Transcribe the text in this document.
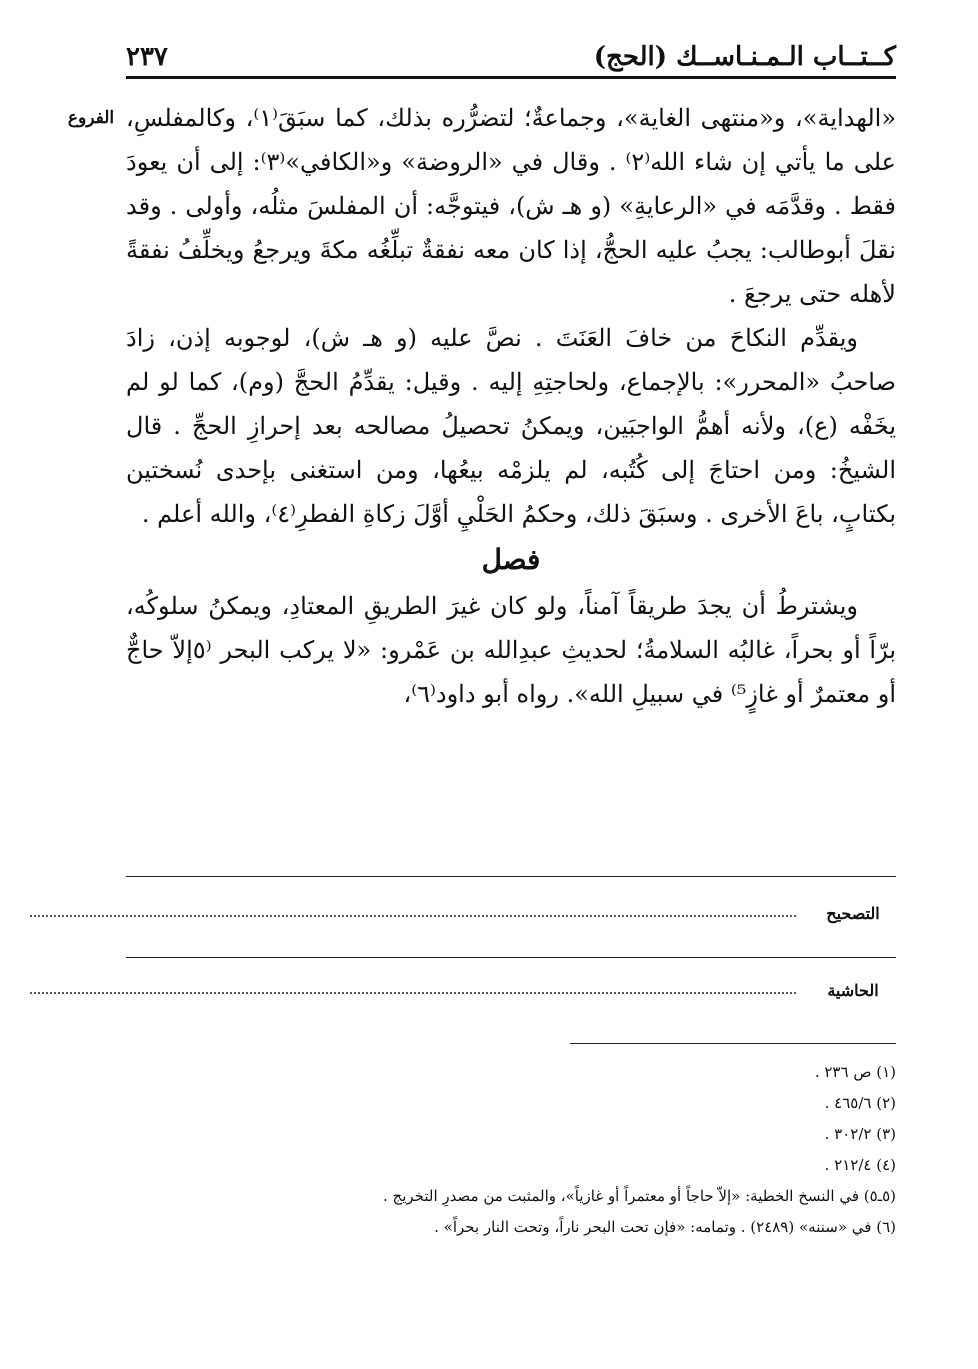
كــتــاب الـمـنـاســك (الحج)
٢٣٧
الفروع «الهداية»، و«منتهى الغاية»، وجماعةٌ؛ لتضرُّره بذلك، كما سبَقَ⁽١⁾، وكالمفلسِ، على ما يأتي إن شاء الله⁽٢⁾ . وقال في «الروضة» و«الكافي»⁽٣⁾: إلى أن يعودَ فقط . وقدَّمَه في «الرعايةِ» (و هـ ش)، فيتوجَّه: أن المفلسَ مثلُه، وأولى . وقد نقلَ أبوطالب: يجبُ عليه الحجُّ، إذا كان معه نفقةٌ تبلِّغُه مكةَ ويرجعُ ويخلِّفُ نفقةً لأهله حتى يرجعَ .

ويقدِّم النكاحَ من خافَ العَنَتَ . نصَّ عليه (و هـ ش)، لوجوبه إذن، زادَ صاحبُ «المحرر»: بالإجماع، ولحاجتِهِ إليه . وقيل: يقدِّمُ الحجَّ (وم)، كما لو لم يخَفْه (ع)، ولأنه أهمُّ الواجبَين، ويمكنُ تحصيلُ مصالحه بعد إحرازِ الحجِّ . قال الشيخُ: ومن احتاجَ إلى كُتُبه، لم يلزمْه بيعُها، ومن استغنى بإحدى نُسختين بكتابٍ، باعَ الأخرى . وسبَقَ ذلك، وحكمُ الحَلْيِ أوَّلَ زكاةِ الفطرِ⁽٤⁾، والله أعلم .

فصل

ويشترطُ أن يجدَ طريقاً آمناً، ولو كان غيرَ الطريقِ المعتادِ، ويمكنُ سلوكُه، برّاً أو بحراً، غالبُه السلامةُ؛ لحديثِ عبدِالله بن عَمْرو: «لا يركب البحر ⁽٥إلاّ حاجٌّ أو معتمرٌ أو غازٍ⁵⁾ في سبيلِ الله». رواه أبو داود⁽٦⁾،

التصحيح
الحاشية
(١) ص ٢٣٦ .
(٢) ٤٦٥/٦ .
(٣) ٣٠٢/٢ .
(٤) ٢١٢/٤ .
(٥ـ٥) في النسخ الخطية: «إلاّ حاجاً أو معتمراً أو غازياً»، والمثبت من مصدرِ التخريج .
(٦) في «سننه» (٢٤٨٩) . وتمامه: «فإن تحت البحر ناراً، وتحت النار بحراً» .
